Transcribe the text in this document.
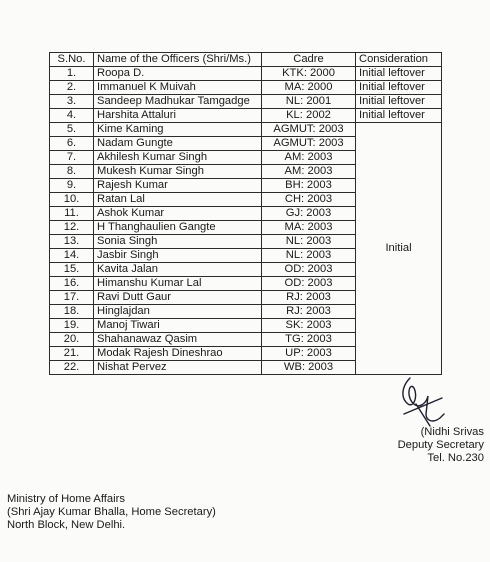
S.No.	Name of the Officers (Shri/Ms.)	Cadre	Consideration
1.	Roopa D.	KTK: 2000	Initial leftover
2.	Immanuel K Muivah	MA: 2000	Initial leftover
3.	Sandeep Madhukar Tamgadge	NL: 2001	Initial leftover
4.	Harshita Attaluri	KL: 2002	Initial leftover
5.	Kime Kaming	AGMUT: 2003	Initial
6.	Nadam Gungte	AGMUT: 2003	
7.	Akhilesh Kumar Singh	AM: 2003	
8.	Mukesh Kumar Singh	AM: 2003	
9.	Rajesh Kumar	BH: 2003	
10.	Ratan Lal	CH: 2003	
11.	Ashok Kumar	GJ: 2003	
12.	H Thanghaulien Gangte	MA: 2003	
13.	Sonia Singh	NL: 2003	
14.	Jasbir Singh	NL: 2003	
15.	Kavita Jalan	OD: 2003	
16.	Himanshu Kumar Lal	OD: 2003	
17.	Ravi Dutt Gaur	RJ: 2003	
18.	Hinglajdan	RJ: 2003	
19.	Manoj Tiwari	SK: 2003	
20.	Shahanawaz Qasim	TG: 2003	
21.	Modak Rajesh Dineshrao	UP: 2003	
22.	Nishat Pervez	WB: 2003	
(Nidhi Srivas
Deputy Secretary
Tel. No.230
Ministry of Home Affairs
(Shri Ajay Kumar Bhalla, Home Secretary)
North Block, New Delhi.
